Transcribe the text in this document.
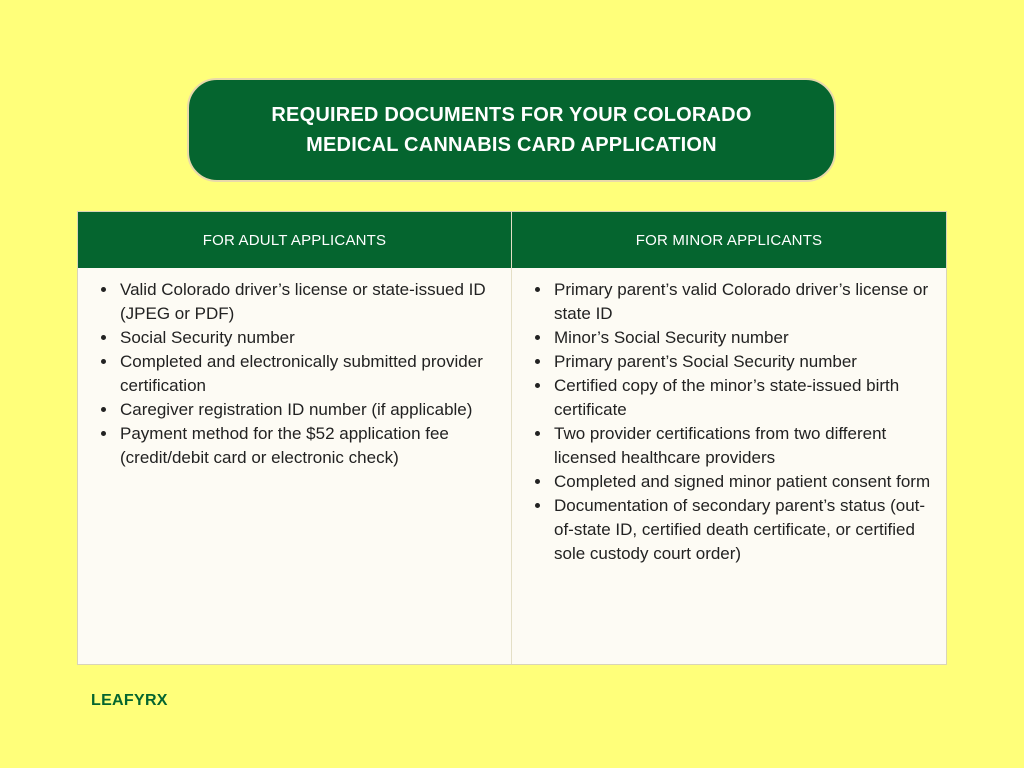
REQUIRED DOCUMENTS FOR YOUR COLORADO
MEDICAL CANNABIS CARD APPLICATION
FOR ADULT APPLICANTS	FOR MINOR APPLICANTS
• Valid Colorado driver’s license or state-issued ID (JPEG or PDF)
• Social Security number
• Completed and electronically submitted provider certification
• Caregiver registration ID number (if applicable)
• Payment method for the $52 application fee (credit/debit card or electronic check)
• Primary parent’s valid Colorado driver’s license or state ID
• Minor’s Social Security number
• Primary parent’s Social Security number
• Certified copy of the minor’s state-issued birth certificate
• Two provider certifications from two different licensed healthcare providers
• Completed and signed minor patient consent form
• Documentation of secondary parent’s status (out-of-state ID, certified death certificate, or certified sole custody court order)
LEAFYRX
